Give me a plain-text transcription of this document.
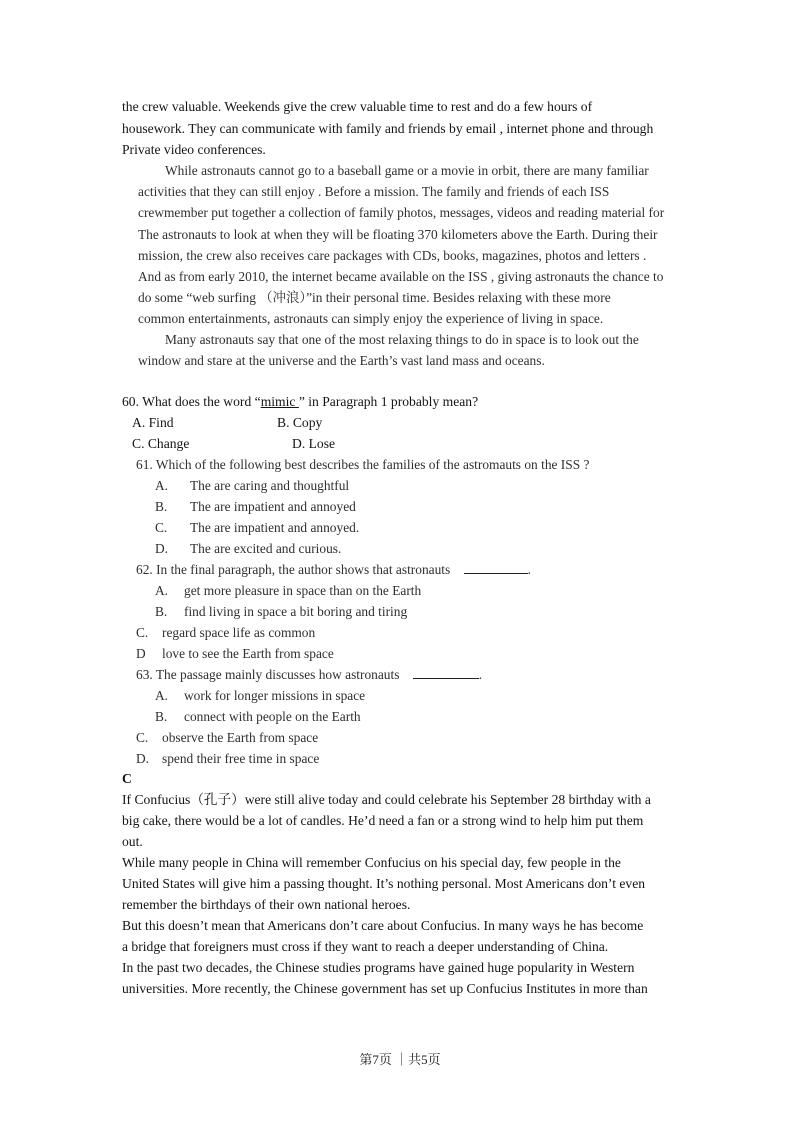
the crew valuable. Weekends give the crew valuable time to rest and do a few hours of
housework. They can communicate with family and friends by email , internet phone and through
Private video conferences.
While astronauts cannot go to a baseball game or a movie in orbit, there are many familiar
activities that they can still enjoy . Before a mission. The family and friends of each ISS
crewmember put together a collection of family photos, messages, videos and reading material for
The astronauts to look at when they will be floating 370 kilometers above the Earth. During their
mission, the crew also receives care packages with CDs, books, magazines, photos and letters .
And as from early 2010, the internet became available on the ISS , giving astronauts the chance to
do some “web surfing （冲浪）”in their personal time. Besides relaxing with these more
common entertainments, astronauts can simply enjoy the experience of living in space.
Many astronauts say that one of the most relaxing things to do in space is to look out the
window and stare at the universe and the Earth’s vast land mass and oceans.
60. What does the word “mimic ” in Paragraph 1 probably mean?
A. Find	B. Copy
C. Change	D. Lose
61. Which of the following best describes the families of the astromauts on the ISS ?
A. The are caring and thoughtful
B. The are impatient and annoyed
C. The are impatient and annoyed.
D. The are excited and curious.
62. In the final paragraph, the author shows that astronauts	.
A. get more pleasure in space than on the Earth
B. find living in space a bit boring and tiring
C. regard space life as common
D love to see the Earth from space
63. The passage mainly discusses how astronauts	.
A. work for longer missions in space
B. connect with people on the Earth
C. observe the Earth from space
D. spend their free time in space
C
If Confucius（孔子）were still alive today and could celebrate his September 28 birthday with a
big cake, there would be a lot of candles. He’d need a fan or a strong wind to help him put them
out.
While many people in China will remember Confucius on his special day, few people in the
United States will give him a passing thought. It’s nothing personal. Most Americans don’t even
remember the birthdays of their own national heroes.
But this doesn’t mean that Americans don’t care about Confucius. In many ways he has become
a bridge that foreigners must cross if they want to reach a deeper understanding of China.
In the past two decades, the Chinese studies programs have gained huge popularity in Western
universities. More recently, the Chinese government has set up Confucius Institutes in more than
第7页 ｜共5页
